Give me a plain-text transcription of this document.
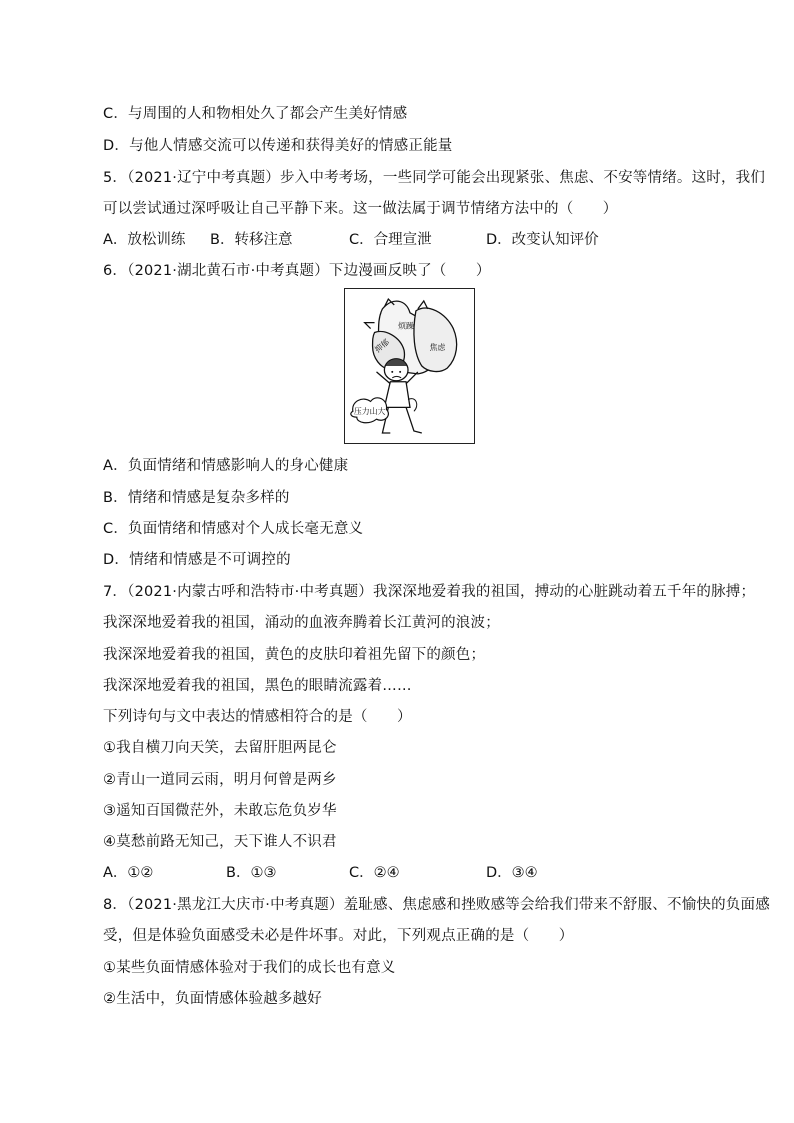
C．与周围的人和物相处久了都会产生美好情感
D．与他人情感交流可以传递和获得美好的情感正能量
5．（2021·辽宁中考真题）步入中考考场，一些同学可能会出现紧张、焦虑、不安等情绪。这时，我们
可以尝试通过深呼吸让自己平静下来。这一做法属于调节情绪方法中的（　　）
A．放松训练 B．转移注意	C．合理宣泄	D．改变认知评价
6．（2021·湖北黄石市·中考真题）下边漫画反映了（　　）
烦躁
焦虑
抑郁
压力山大
A．负面情绪和情感影响人的身心健康
B．情绪和情感是复杂多样的
C．负面情绪和情感对个人成长毫无意义
D．情绪和情感是不可调控的
7．（2021·内蒙古呼和浩特市·中考真题）我深深地爱着我的祖国，搏动的心脏跳动着五千年的脉搏；
我深深地爱着我的祖国，涌动的血液奔腾着长江黄河的浪波；
我深深地爱着我的祖国，黄色的皮肤印着祖先留下的颜色；
我深深地爱着我的祖国，黑色的眼睛流露着……
下列诗句与文中表达的情感相符合的是（　　）
①我自横刀向天笑，去留肝胆两昆仑
②青山一道同云雨，明月何曾是两乡
③遥知百国微茫外，未敢忘危负岁华
④莫愁前路无知己，天下谁人不识君
A．①②	B．①③	C．②④	D．③④
8．（2021·黑龙江大庆市·中考真题）羞耻感、焦虑感和挫败感等会给我们带来不舒服、不愉快的负面感
受，但是体验负面感受未必是件坏事。对此，下列观点正确的是（　　）
①某些负面情感体验对于我们的成长也有意义
②生活中，负面情感体验越多越好
